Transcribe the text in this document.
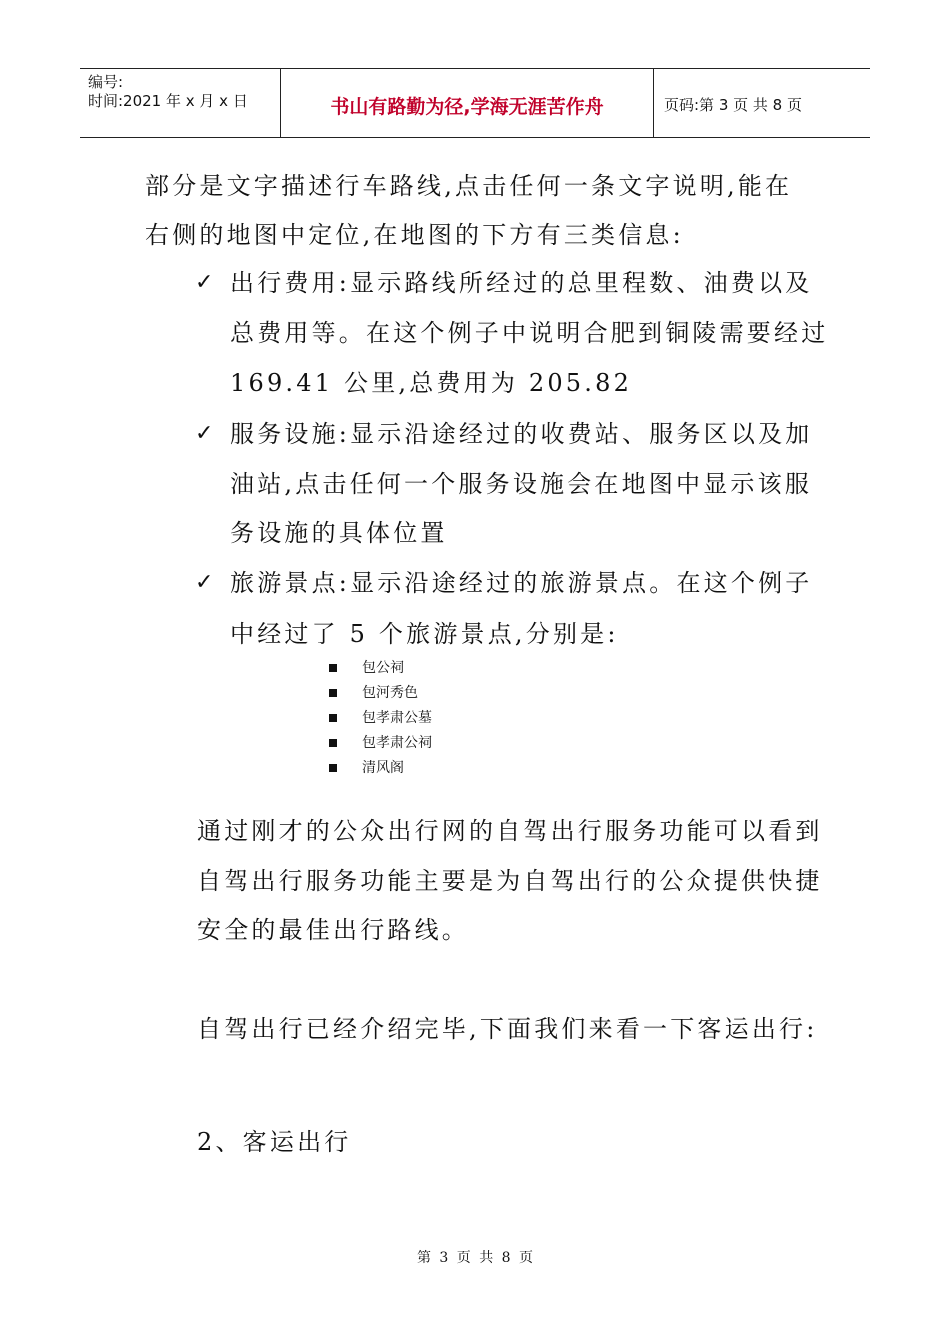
编号:
时间:2021 年 x 月 x 日	书山有路勤为径,学海无涯苦作舟	页码:第 3 页 共 8 页
部分是文字描述行车路线,点击任何一条文字说明,能在
右侧的地图中定位,在地图的下方有三类信息:
✓ 出行费用:显示路线所经过的总里程数、油费以及
总费用等。在这个例子中说明合肥到铜陵需要经过
169.41 公里,总费用为 205.82
✓ 服务设施:显示沿途经过的收费站、服务区以及加
油站,点击任何一个服务设施会在地图中显示该服
务设施的具体位置
✓ 旅游景点:显示沿途经过的旅游景点。在这个例子
中经过了 5 个旅游景点,分别是:
包公祠
包河秀色
包孝肃公墓
包孝肃公祠
清风阁
通过刚才的公众出行网的自驾出行服务功能可以看到
自驾出行服务功能主要是为自驾出行的公众提供快捷
安全的最佳出行路线。
自驾出行已经介绍完毕,下面我们来看一下客运出行:
2、客运出行
第 3 页 共 8 页
